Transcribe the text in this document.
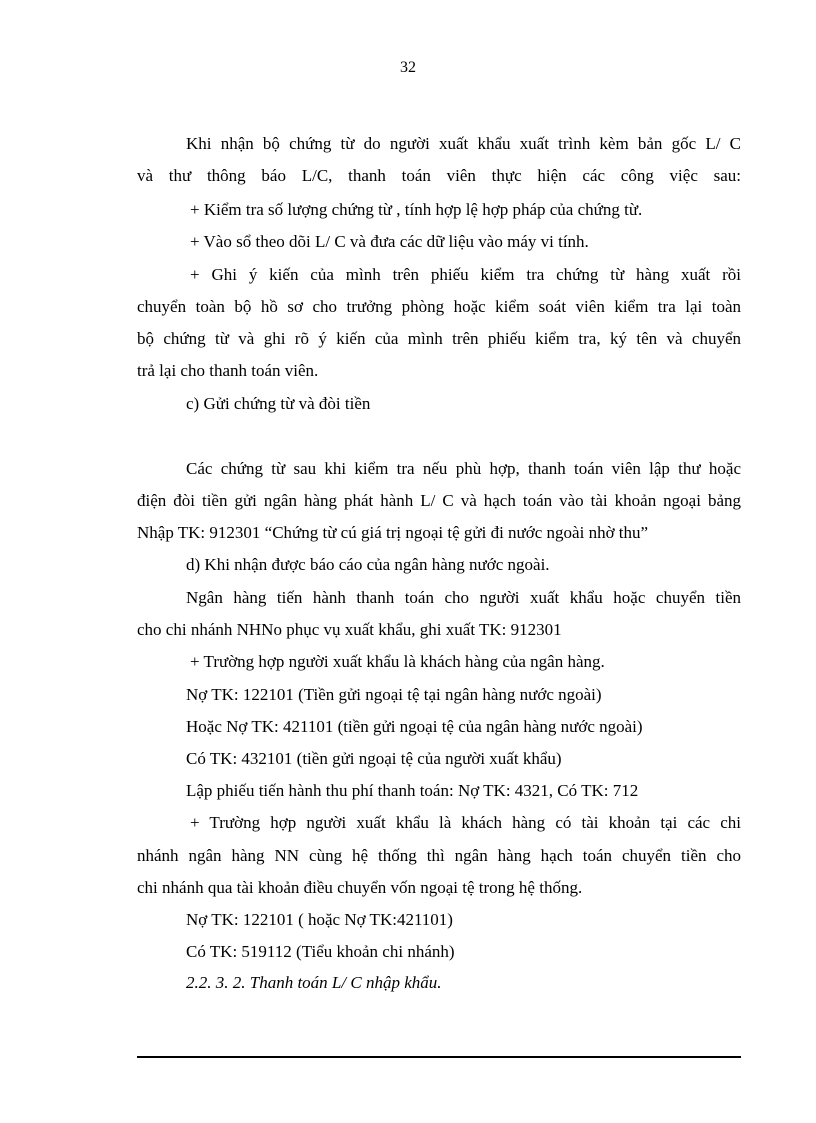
32
Khi nhận bộ chứng từ do người xuất khẩu xuất trình kèm bản gốc L/ C
và thư thông báo L/C, thanh toán viên thực hiện các công việc sau:
+ Kiểm tra số lượng chứng từ , tính hợp lệ hợp pháp của chứng từ.
+ Vào sổ theo dõi L/ C và đưa các dữ liệu vào máy vi tính.
+ Ghi ý kiến của mình trên phiếu kiểm tra chứng từ hàng xuất rồi
chuyển toàn bộ hồ sơ cho trưởng phòng hoặc kiểm soát viên kiểm tra lại toàn
bộ chứng từ và ghi rõ ý kiến của mình trên phiếu kiểm tra, ký tên và chuyển
trả lại cho thanh toán viên.
c) Gửi chứng từ và đòi tiền
Các chứng từ sau khi kiểm tra nếu phù hợp, thanh toán viên lập thư hoặc
điện đòi tiền gửi ngân hàng phát hành L/ C và hạch toán vào tài khoản ngoại bảng
Nhập TK: 912301 “Chứng từ cú giá trị ngoại tệ gửi đi nước ngoài nhờ thu”
d) Khi nhận được báo cáo của ngân hàng nước ngoài.
Ngân hàng tiến hành thanh toán cho người xuất khẩu hoặc chuyển tiền
cho chi nhánh NHNo phục vụ xuất khẩu, ghi xuất TK: 912301
+ Trường hợp người xuất khẩu là khách hàng của ngân hàng.
Nợ TK: 122101 (Tiền gửi ngoại tệ tại ngân hàng nước ngoài)
Hoặc Nợ TK: 421101 (tiền gửi ngoại tệ của ngân hàng nước ngoài)
Có TK: 432101 (tiền gửi ngoại tệ của người xuất khẩu)
Lập phiếu tiến hành thu phí thanh toán: Nợ TK: 4321, Có TK: 712
+ Trường hợp người xuất khẩu là khách hàng có tài khoản tại các chi
nhánh ngân hàng NN cùng hệ thống thì ngân hàng hạch toán chuyển tiền cho
chi nhánh qua tài khoản điều chuyển vốn ngoại tệ trong hệ thống.
Nợ TK: 122101 ( hoặc Nợ TK:421101)
Có TK: 519112 (Tiểu khoản chi nhánh)
2.2. 3. 2. Thanh toán L/ C nhập khẩu.
